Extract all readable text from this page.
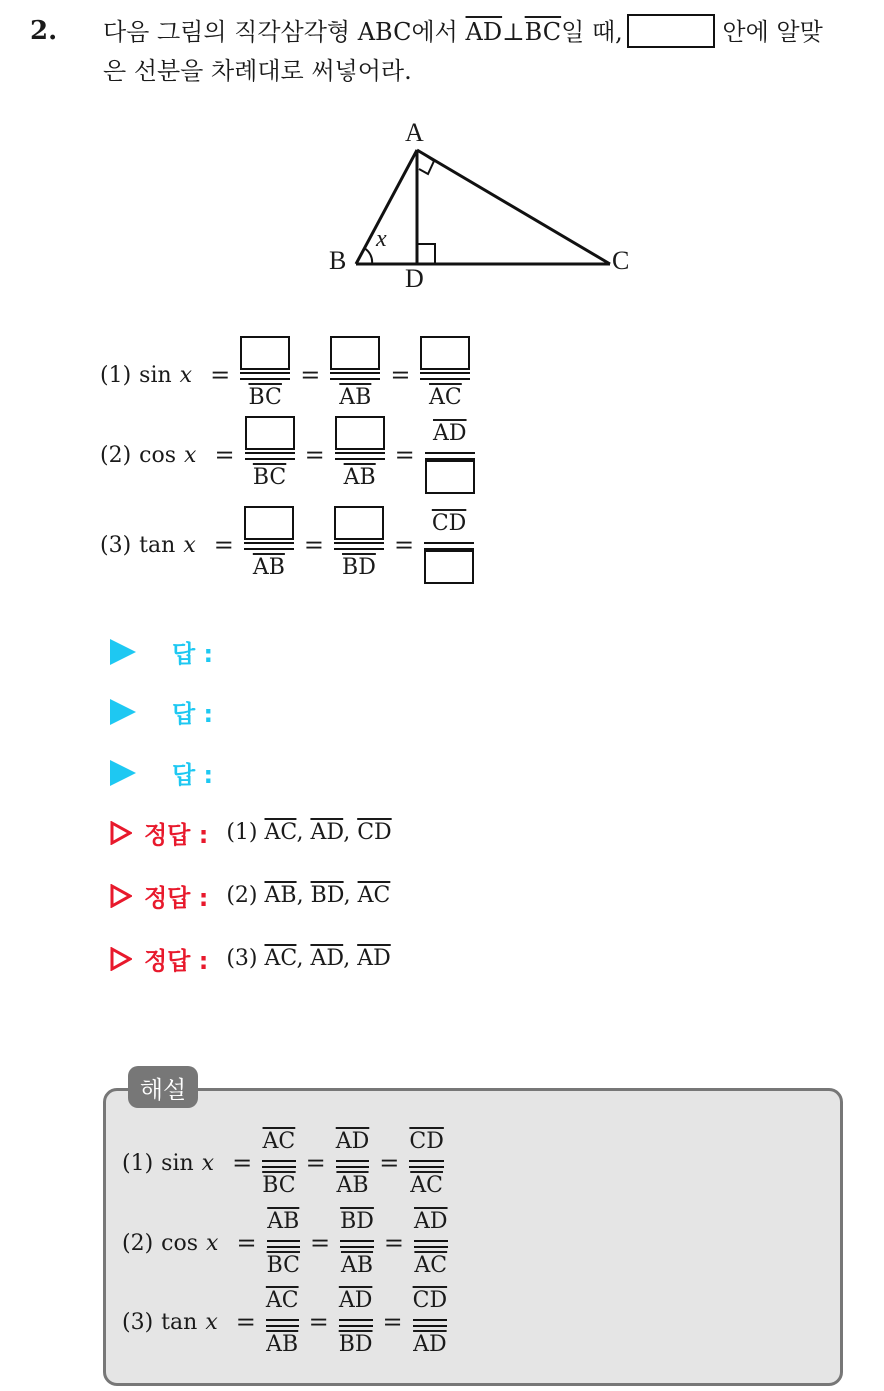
2. 다음 그림의 직각삼각형 ABC에서 $\overline{AD}\perp\overline{BC}$일 때,	안에 알맞
은 선분을 차례대로 써넣어라.
A
B	C
D
x
(1) sin x =
$\overline{BC}$
=
$\overline{AB}$
=
$\overline{AC}$
(2) cos x =
$\overline{BC}$
=
$\overline{AB}$
=
$\overline{AD}$
(3) tan x =
$\overline{AB}$
=
$\overline{BD}$
=
$\overline{CD}$
답 :
답 :
답 :
정답 : (1) $\overline{AC}$, $\overline{AD}$, $\overline{CD}$
정답 : (2) $\overline{AB}$, $\overline{BD}$, $\overline{AC}$
정답 : (3) $\overline{AC}$, $\overline{AD}$, $\overline{AD}$
해설
(1) $\sin x = \frac{\overline{AC}}{BC} = \frac{\overline{AD}}{AB} = \frac{\overline{CD}}{AC}$
(2) $\cos x = \frac{\overline{AB}}{BC} = \frac{\overline{BD}}{AB} = \frac{\overline{AD}}{AC}$
(3) $\tan x = \frac{\overline{AC}}{AB} = \frac{\overline{AD}}{BD} = \frac{\overline{CD}}{AD}$
